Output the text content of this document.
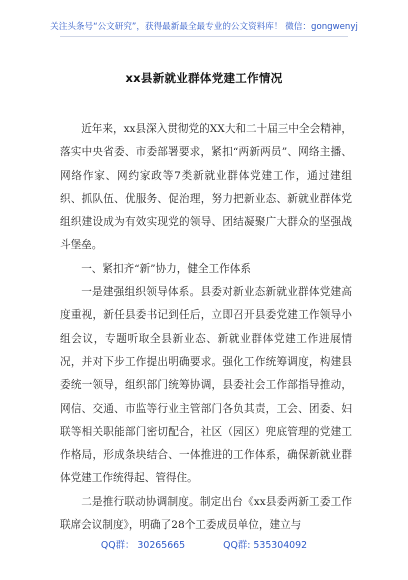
关注头条号“公文研究”，获得最新最全最专业的公文资料库！ 微信：gongwenyj
xx县新就业群体党建工作情况

近年来，xx县深入贯彻党的XX大和二十届三中全会精神，落实中央省委、市委部署要求，紧扣“两新两员”、网络主播、网络作家、网约家政等7类新就业群体党建工作，通过建组织、抓队伍、优服务、促治理，努力把新业态、新就业群体党组织建设成为有效实现党的领导、团结凝聚广大群众的坚强战斗堡垒。

一、紧扣齐“新”协力，健全工作体系

一是建强组织领导体系。县委对新业态新就业群体党建高度重视，新任县委书记到任后，立即召开县委党建工作领导小组会议，专题听取全县新业态、新就业群体党建工作进展情况，并对下步工作提出明确要求。强化工作统筹调度，构建县委统一领导，组织部门统筹协调，县委社会工作部指导推动，网信、交通、市监等行业主管部门各负其责，工会、团委、妇联等相关职能部门密切配合，社区（园区）兜底管理的党建工作格局，形成条块结合、一体推进的工作体系，确保新就业群体党建工作统得起、管得住。

二是推行联动协调制度。制定出台《xx县委两新工委工作联席会议制度》，明确了28个工委成员单位，建立与

QQ群： 30265665	QQ群: 535304092
